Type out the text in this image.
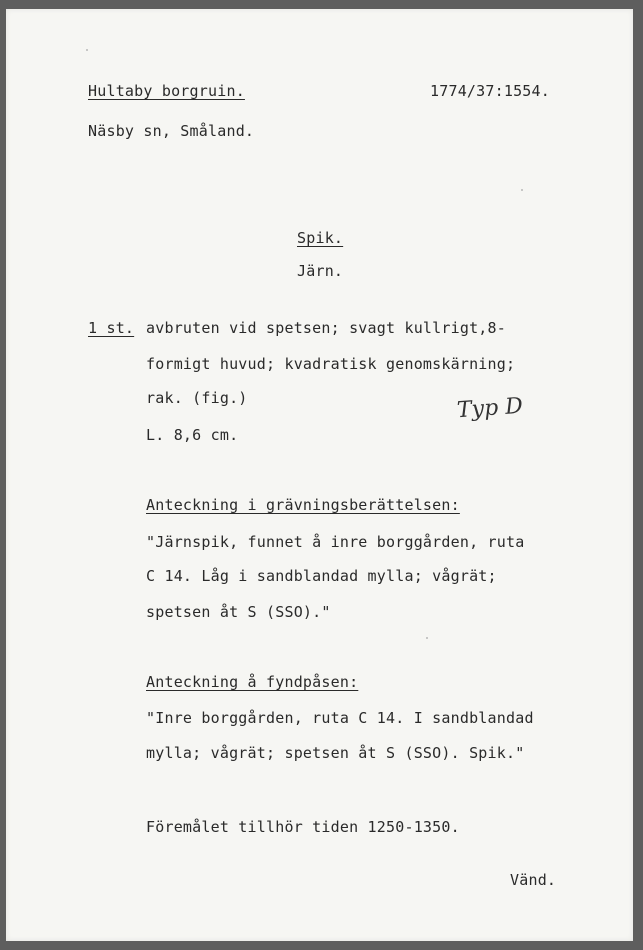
Hultaby borgruin.	1774/37:1554.
Näsby sn, Småland.
Spik.
Järn.
1 st. avbruten vid spetsen; svagt kullrigt,8-
formigt huvud; kvadratisk genomskärning;
rak. (fig.)
L. 8,6 cm.
Typ D
Anteckning i grävningsberättelsen:
"Järnspik, funnet å inre borggården, ruta
C 14. Låg i sandblandad mylla; vågrät;
spetsen åt S (SSO)."
Anteckning å fyndpåsen:
"Inre borggården, ruta C 14. I sandblandad
mylla; vågrät; spetsen åt S (SSO). Spik."
Föremålet tillhör tiden 1250-1350.
Vänd.
